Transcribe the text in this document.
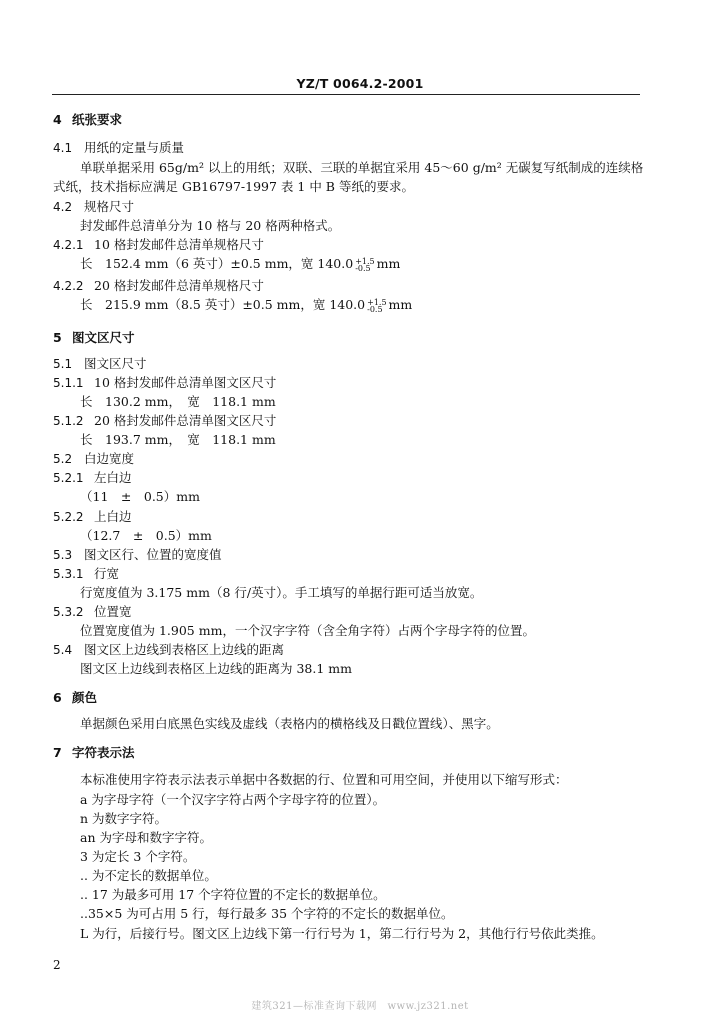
YZ/T 0064.2-2001
4 纸张要求
4.1 用纸的定量与质量
单联单据采用 65g/m² 以上的用纸；双联、三联的单据宜采用 45～60 g/m² 无碳复写纸制成的连续格
式纸，技术指标应满足 GB16797-1997 表 1 中 B 等纸的要求。
4.2 规格尺寸
封发邮件总清单分为 10 格与 20 格两种格式。
4.2.1 10 格封发邮件总清单规格尺寸
长　152.4 mm（6 英寸）±0.5 mm，宽 140.0 +1.5
-0.5 mm
4.2.2 20 格封发邮件总清单规格尺寸
长　215.9 mm（8.5 英寸）±0.5 mm，宽 140.0 +1.5
-0.5 mm
5 图文区尺寸
5.1 图文区尺寸
5.1.1 10 格封发邮件总清单图文区尺寸
长　130.2 mm，　宽　118.1 mm
5.1.2 20 格封发邮件总清单图文区尺寸
长　193.7 mm，　宽　118.1 mm
5.2 白边宽度
5.2.1 左白边
（11　±　0.5）mm
5.2.2 上白边
（12.7　±　0.5）mm
5.3 图文区行、位置的宽度值
5.3.1 行宽
行宽度值为 3.175 mm（8 行/英寸）。手工填写的单据行距可适当放宽。
5.3.2 位置宽
位置宽度值为 1.905 mm，一个汉字字符（含全角字符）占两个字母字符的位置。
5.4 图文区上边线到表格区上边线的距离
图文区上边线到表格区上边线的距离为 38.1 mm
6 颜色
单据颜色采用白底黑色实线及虚线（表格内的横格线及日戳位置线）、黑字。
7 字符表示法
本标准使用字符表示法表示单据中各数据的行、位置和可用空间，并使用以下缩写形式：
a 为字母字符（一个汉字字符占两个字母字符的位置）。
n 为数字字符。
an 为字母和数字字符。
3 为定长 3 个字符。
.. 为不定长的数据单位。
.. 17 为最多可用 17 个字符位置的不定长的数据单位。
..35×5 为可占用 5 行，每行最多 35 个字符的不定长的数据单位。
L 为行，后接行号。图文区上边线下第一行行号为 1，第二行行号为 2，其他行行号依此类推。
2
建筑321—标准查询下载网　www.jz321.net
